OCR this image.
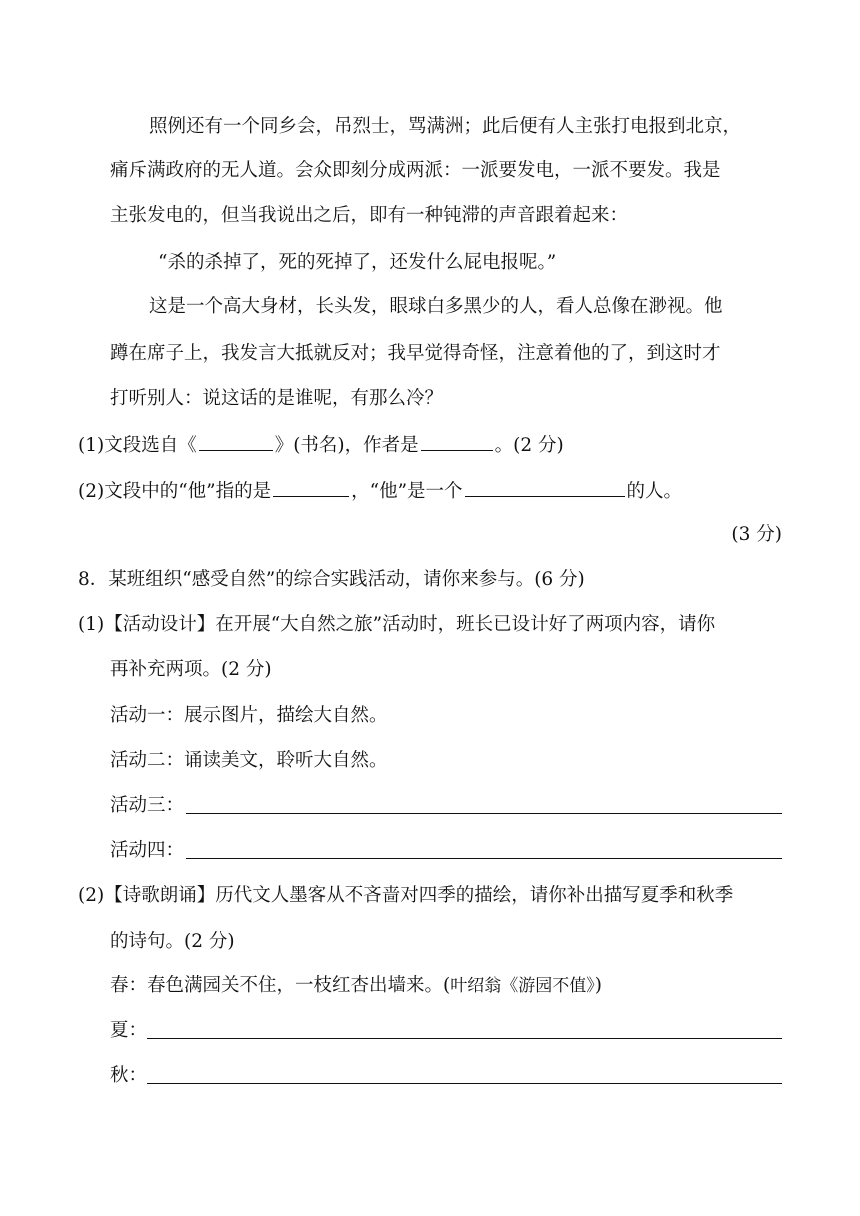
照例还有一个同乡会，吊烈士，骂满洲；此后便有人主张打电报到北京，
痛斥满政府的无人道。会众即刻分成两派：一派要发电，一派不要发。我是
主张发电的，但当我说出之后，即有一种钝滞的声音跟着起来：
“杀的杀掉了，死的死掉了，还发什么屁电报呢。”
这是一个高大身材，长头发，眼球白多黑少的人，看人总像在渺视。他
蹲在席子上，我发言大抵就反对；我早觉得奇怪，注意着他的了，到这时才
打听别人：说这话的是谁呢，有那么冷？
(1)文段选自《	》(书名)，作者是	。(2 分)
(2)文段中的“他”指的是	，“他”是一个	的人。
(3 分)
8．某班组织“感受自然”的综合实践活动，请你来参与。(6 分)
(1)【活动设计】在开展“大自然之旅”活动时，班长已设计好了两项内容，请你
再补充两项。(2 分)
活动一：展示图片，描绘大自然。
活动二：诵读美文，聆听大自然。
活动三：
活动四：
(2)【诗歌朗诵】历代文人墨客从不吝啬对四季的描绘，请你补出描写夏季和秋季
的诗句。(2 分)
春：春色满园关不住，一枝红杏出墙来。(叶绍翁《游园不值》)
夏：
秋：
